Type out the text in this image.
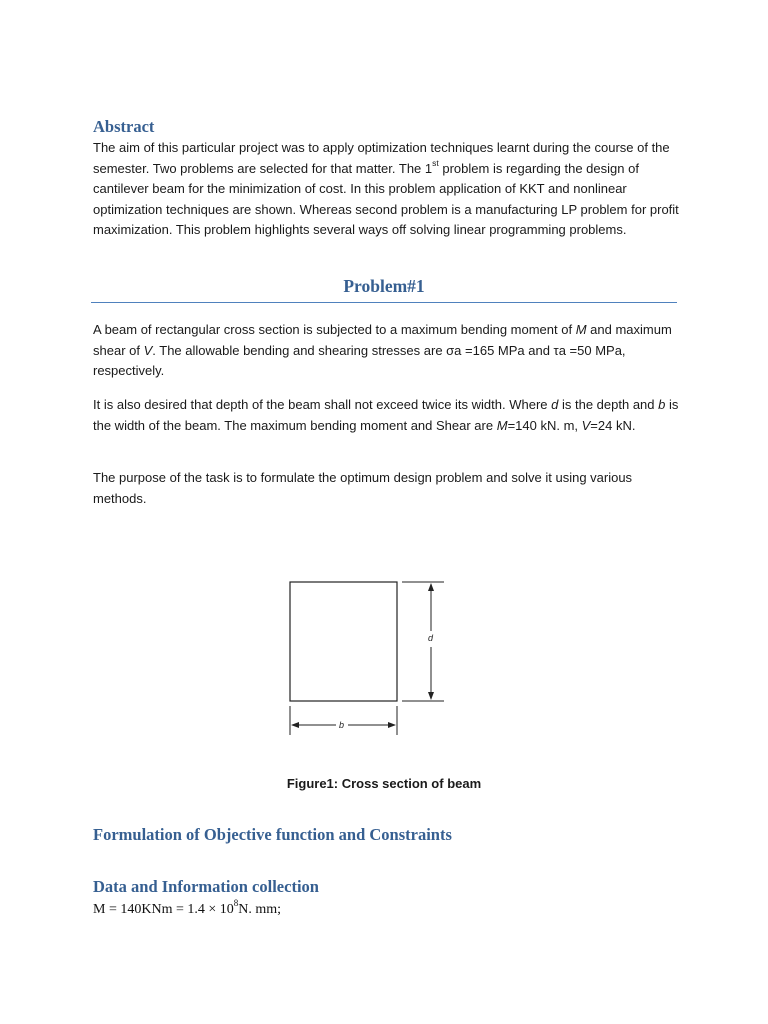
Abstract

The aim of this particular project was to apply optimization techniques learnt during the course of the semester. Two problems are selected for that matter. The 1st problem is regarding the design of cantilever beam for the minimization of cost. In this problem application of KKT and nonlinear optimization techniques are shown. Whereas second problem is a manufacturing LP problem for profit maximization. This problem highlights several ways off solving linear programming problems.

Problem#1

A beam of rectangular cross section is subjected to a maximum bending moment of M and maximum shear of V. The allowable bending and shearing stresses are σa =165 MPa and τa =50 MPa, respectively.

It is also desired that depth of the beam shall not exceed twice its width. Where d is the depth and b is the width of the beam. The maximum bending moment and Shear are M=140 kN. m, V=24 kN.

The purpose of the task is to formulate the optimum design problem and solve it using various methods.

d
b

Figure1: Cross section of beam

Formulation of Objective function and Constraints
Data and Information collection
$M = 140KNm = 1.4 \times 10^8N$. mm;
